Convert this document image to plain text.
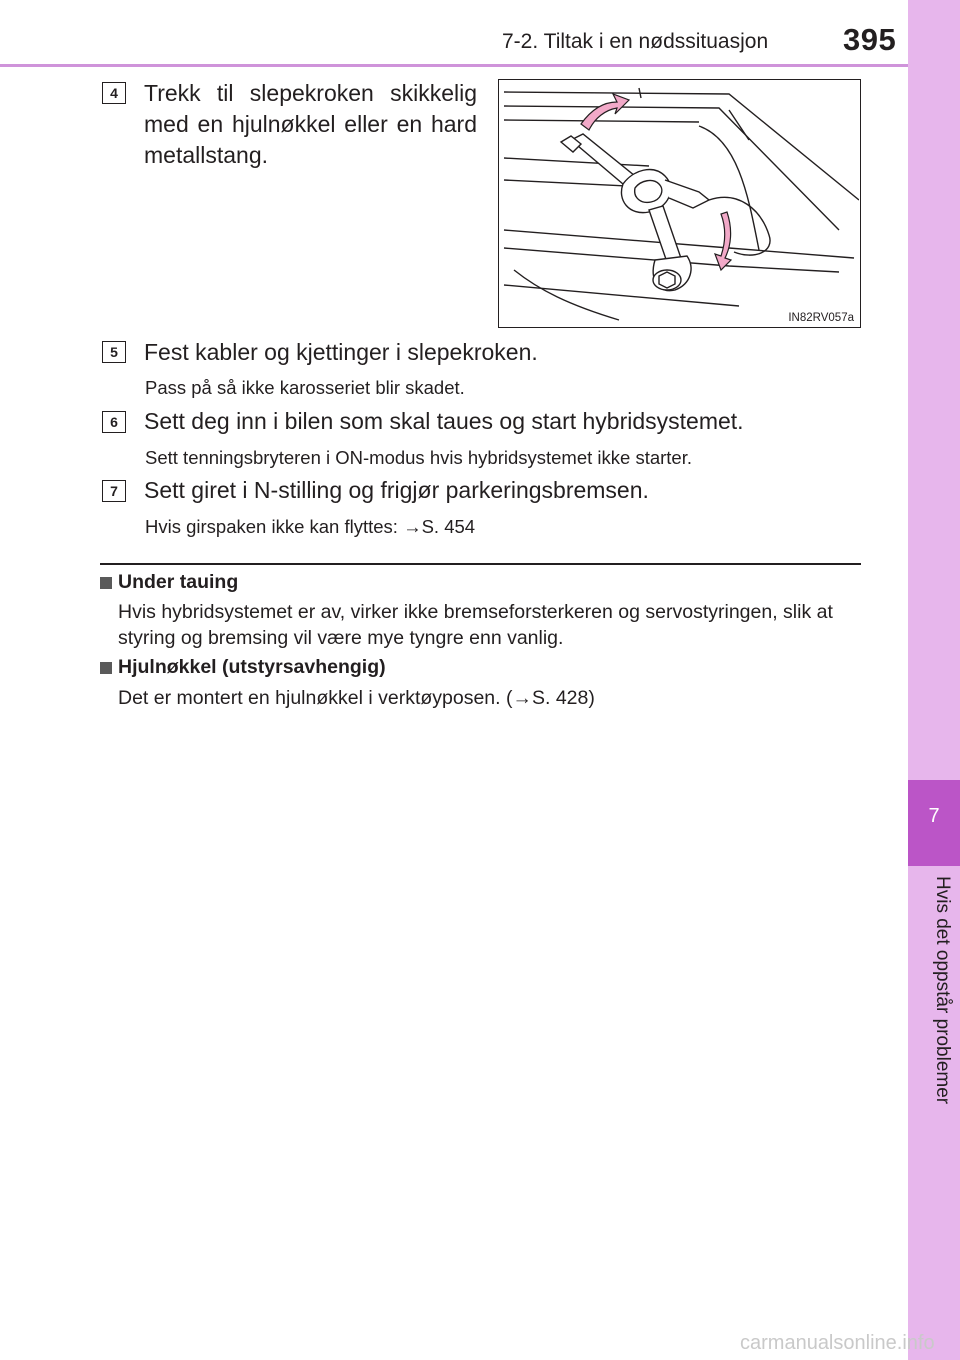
7-2. Tiltak i en nødssituasjon 395
7
Hvis det oppstår problemer
4	Trekk til slepekroken skikkelig med en hjulnøkkel eller en hard metallstang.
IN82RV057a
5	Fest kabler og kjettinger i slepekroken.
Pass på så ikke karosseriet blir skadet.
6	Sett deg inn i bilen som skal taues og start hybridsystemet.
Sett tenningsbryteren i ON-modus hvis hybridsystemet ikke starter.
7	Sett giret i N-stilling og frigjør parkeringsbremsen.
Hvis girspaken ikke kan flyttes: →S. 454
Under tauing
Hvis hybridsystemet er av, virker ikke bremseforsterkeren og servostyringen, slik at styring og bremsing vil være mye tyngre enn vanlig.
Hjulnøkkel (utstyrsavhengig)
Det er montert en hjulnøkkel i verktøyposen. (→S. 428)
carmanualsonline.info
